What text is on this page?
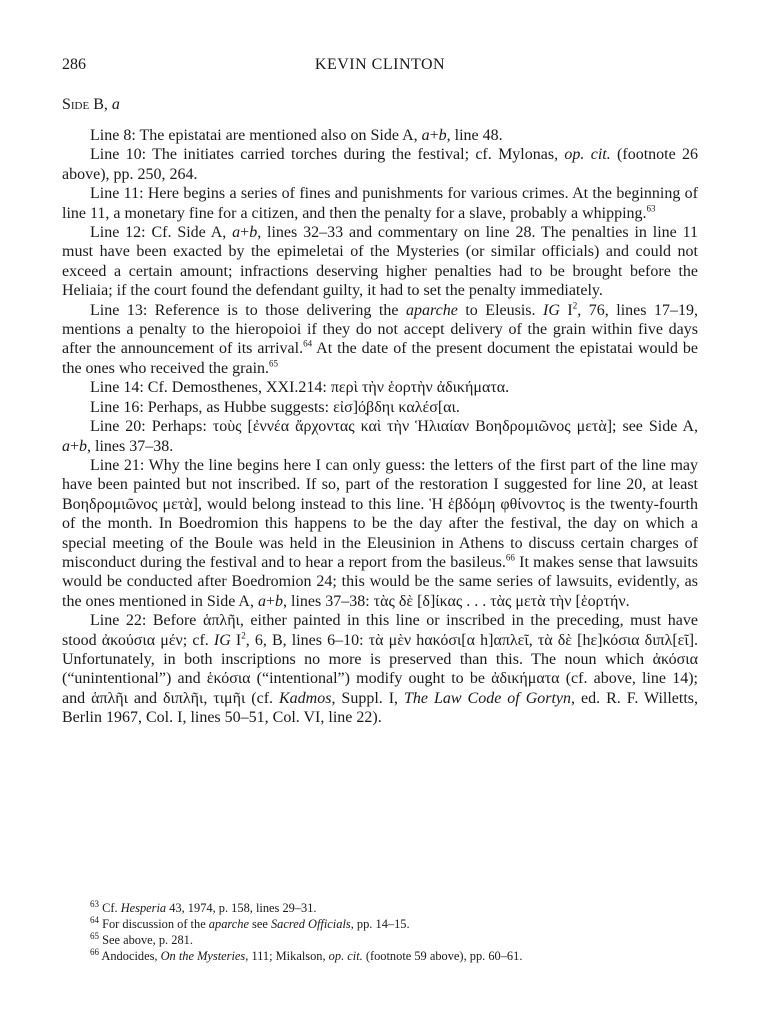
286	KEVIN CLINTON
Side B, a

Line 8: The epistatai are mentioned also on Side A, a+b, line 48.

Line 10: The initiates carried torches during the festival; cf. Mylonas, op. cit. (footnote 26 above), pp. 250, 264.

Line 11: Here begins a series of fines and punishments for various crimes. At the beginning of line 11, a monetary fine for a citizen, and then the penalty for a slave, probably a whipping.$^{63}$

Line 12: Cf. Side A, a+b, lines 32–33 and commentary on line 28. The penalties in line 11 must have been exacted by the epimeletai of the Mysteries (or similar officials) and could not exceed a certain amount; infractions deserving higher penalties had to be brought before the Heliaia; if the court found the defendant guilty, it had to set the penalty immediately.

Line 13: Reference is to those delivering the aparche to Eleusis. IG $I^2$, 76, lines 17–19, mentions a penalty to the hieropoioi if they do not accept delivery of the grain within five days after the announcement of its arrival.$^{64}$ At the date of the present document the epistatai would be the ones who received the grain.$^{65}$

Line 14: Cf. Demosthenes, XXI.214: περὶ τὴν ἑορτὴν ἀδικήματα.

Line 16: Perhaps, as Hubbe suggests: εἰσ]ό̣βδηι καλέσ[αι.

Line 20: Perhaps: τοὺς [ἐννέα ἄρχοντας καὶ τὴν Ἡλιαίαν Βοηδρομιῶνος μετὰ]; see Side A, a+b, lines 37–38.

Line 21: Why the line begins here I can only guess: the letters of the first part of the line may have been painted but not inscribed. If so, part of the restoration I suggested for line 20, at least Βοηδρομιῶνος μετὰ], would belong instead to this line. Ἡ ἑβδόμη φθίνοντος is the twenty-fourth of the month. In Boedromion this happens to be the day after the festival, the day on which a special meeting of the Boule was held in the Eleusinion in Athens to discuss certain charges of misconduct during the festival and to hear a report from the basileus.$^{66}$ It makes sense that lawsuits would be conducted after Boedromion 24; this would be the same series of lawsuits, evidently, as the ones mentioned in Side A, a+b, lines 37–38: τὰς δὲ [δ]ίκας . . . τὰς μετὰ τὴν [ἑορτήν.

Line 22: Before ἁπλῆι, either painted in this line or inscribed in the preceding, must have stood ἀκούσια μέν; cf. IG $I^2$, 6, B, lines 6–10: τὰ μὲν hακόσι[α h]απλεῖ, τὰ δὲ [hε]κόσια διπλ[εῖ]. Unfortunately, in both inscriptions no more is preserved than this. The noun which ἀκόσια (“unintentional”) and ἑκόσια (“intentional”) modify ought to be ἀδικήματα (cf. above, line 14); and ἁπλῆι and διπλῆι, τιμῆι (cf. Kadmos, Suppl. I, The Law Code of Gortyn, ed. R. F. Willetts, Berlin 1967, Col. I, lines 50–51, Col. VI, line 22).

$^{63}$ Cf. Hesperia 43, 1974, p. 158, lines 29–31.
$^{64}$ For discussion of the aparche see Sacred Officials, pp. 14–15.
$^{65}$ See above, p. 281.
$^{66}$ Andocides, On the Mysteries, 111; Mikalson, op. cit. (footnote 59 above), pp. 60–61.
